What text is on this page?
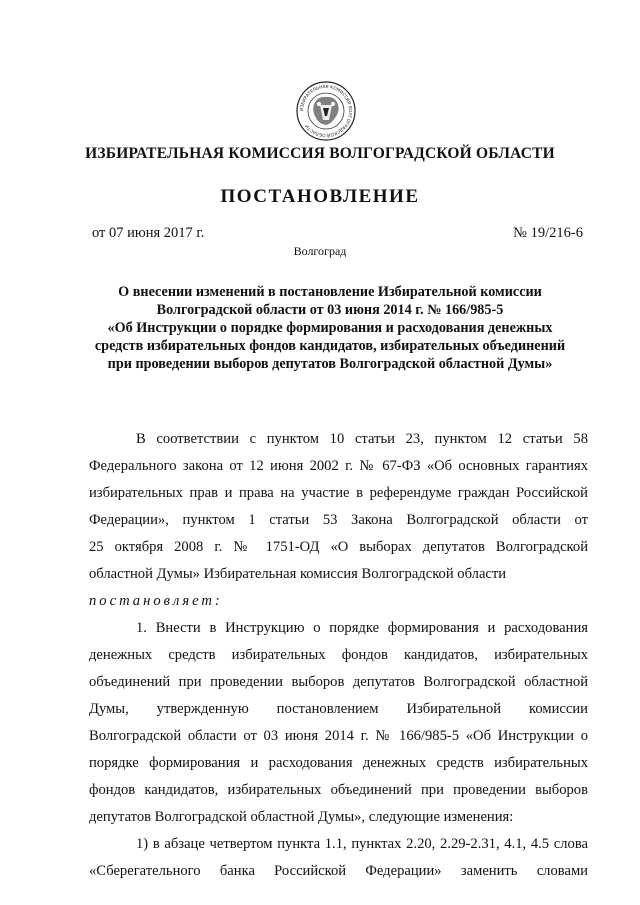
ИЗБИРАТЕЛЬНАЯ КОМИССИЯ ВОЛГОГРАДСКОЙ ОБЛАСТИ
ИЗБИРАТЕЛЬНАЯ КОМИССИЯ ВОЛГОГРАДСКОЙ ОБЛАСТИ
ПОСТАНОВЛЕНИЕ
от 07 июня 2017 г.	№ 19/216-6
Волгоград
О внесении изменений в постановление Избирательной комиссии
Волгоградской области от 03 июня 2014 г. № 166/985-5
«Об Инструкции о порядке формирования и расходования денежных
средств избирательных фондов кандидатов, избирательных объединений
при проведении выборов депутатов Волгоградской областной Думы»
В соответствии с пунктом 10 статьи 23, пунктом 12 статьи 58
Федерального закона от 12 июня 2002 г. № 67-ФЗ «Об основных гарантиях
избирательных прав и права на участие в референдуме граждан Российской
Федерации», пунктом 1 статьи 53 Закона Волгоградской области от
25 октября 2008 г. № 1751-ОД «О выборах депутатов Волгоградской
областной Думы» Избирательная комиссия Волгоградской области
постановляет:
1. Внести в Инструкцию о порядке формирования и расходования
денежных средств избирательных фондов кандидатов, избирательных
объединений при проведении выборов депутатов Волгоградской областной
Думы, утвержденную постановлением Избирательной комиссии
Волгоградской области от 03 июня 2014 г. № 166/985-5 «Об Инструкции о
порядке формирования и расходования денежных средств избирательных
фондов кандидатов, избирательных объединений при проведении выборов
депутатов Волгоградской областной Думы», следующие изменения:
1) в абзаце четвертом пункта 1.1, пунктах 2.20, 2.29-2.31, 4.1, 4.5 слова
«Сберегательного банка Российской Федерации» заменить словами
